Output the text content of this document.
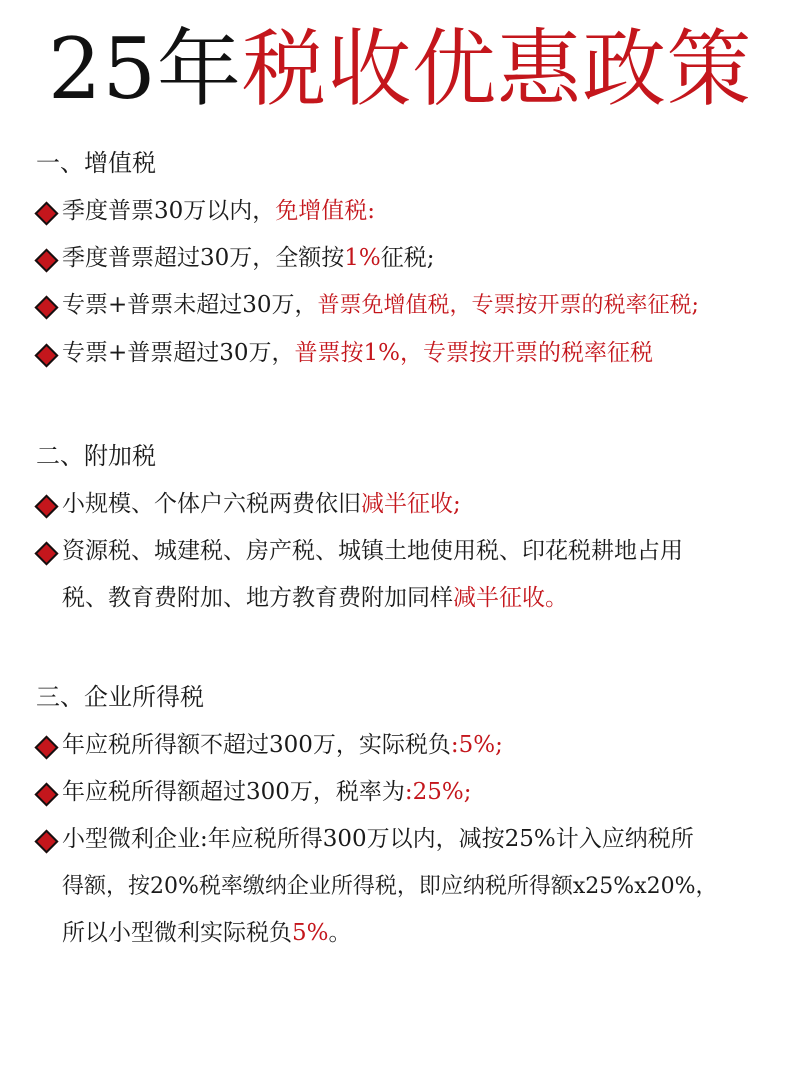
25年税收优惠政策
一、增值税
季度普票30万以内，免增值税:
季度普票超过30万，全额按1%征税;
专票+普票未超过30万，普票免增值税，专票按开票的税率征税;
专票+普票超过30万，普票按1%，专票按开票的税率征税
二、附加税
小规模、个体户六税两费依旧减半征收;
资源税、城建税、房产税、城镇土地使用税、印花税耕地占用
税、教育费附加、地方教育费附加同样减半征收。
三、企业所得税
年应税所得额不超过300万，实际税负:5%;
年应税所得额超过300万，税率为:25%;
小型微利企业:年应税所得300万以内，减按25%计入应纳税所
得额，按20%税率缴纳企业所得税，即应纳税所得额x25%x20%，
所以小型微利实际税负5%。
